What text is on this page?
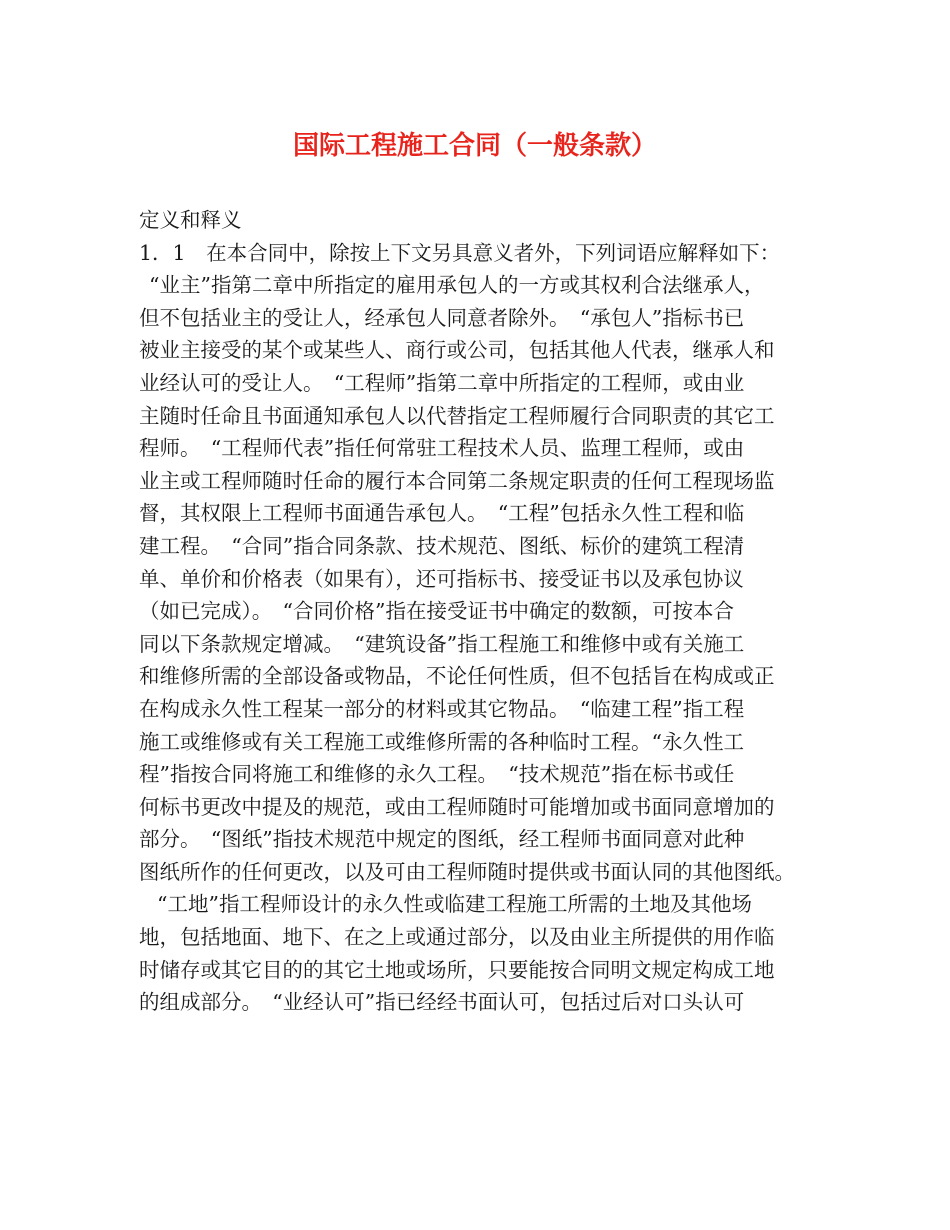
国际工程施工合同（一般条款）

定义和释义

1．1　在本合同中，除按上下文另具意义者外，下列词语应解释如下：

“业主”指第二章中所指定的雇用承包人的一方或其权利合法继承人，

但不包括业主的受让人，经承包人同意者除外。　“承包人”指标书已

被业主接受的某个或某些人、商行或公司，包括其他人代表，继承人和

业经认可的受让人。　“工程师”指第二章中所指定的工程师，或由业

主随时任命且书面通知承包人以代替指定工程师履行合同职责的其它工

程师。　“工程师代表”指任何常驻工程技术人员、监理工程师，或由

业主或工程师随时任命的履行本合同第二条规定职责的任何工程现场监

督，其权限上工程师书面通告承包人。　“工程”包括永久性工程和临

建工程。　“合同”指合同条款、技术规范、图纸、标价的建筑工程清

单、单价和价格表（如果有），还可指标书、接受证书以及承包协议

（如已完成）。　“合同价格”指在接受证书中确定的数额，可按本合

同以下条款规定增减。　“建筑设备”指工程施工和维修中或有关施工

和维修所需的全部设备或物品，不论任何性质，但不包括旨在构成或正

在构成永久性工程某一部分的材料或其它物品。　“临建工程”指工程

施工或维修或有关工程施工或维修所需的各种临时工程。“永久性工

程”指按合同将施工和维修的永久工程。　“技术规范”指在标书或任

何标书更改中提及的规范，或由工程师随时可能增加或书面同意增加的

部分。　“图纸”指技术规范中规定的图纸，经工程师书面同意对此种

图纸所作的任何更改，以及可由工程师随时提供或书面认同的其他图纸。

“工地”指工程师设计的永久性或临建工程施工所需的土地及其他场

地，包括地面、地下、在之上或通过部分，以及由业主所提供的用作临

时储存或其它目的的其它土地或场所，只要能按合同明文规定构成工地

的组成部分。　“业经认可”指已经经书面认可，包括过后对口头认可
